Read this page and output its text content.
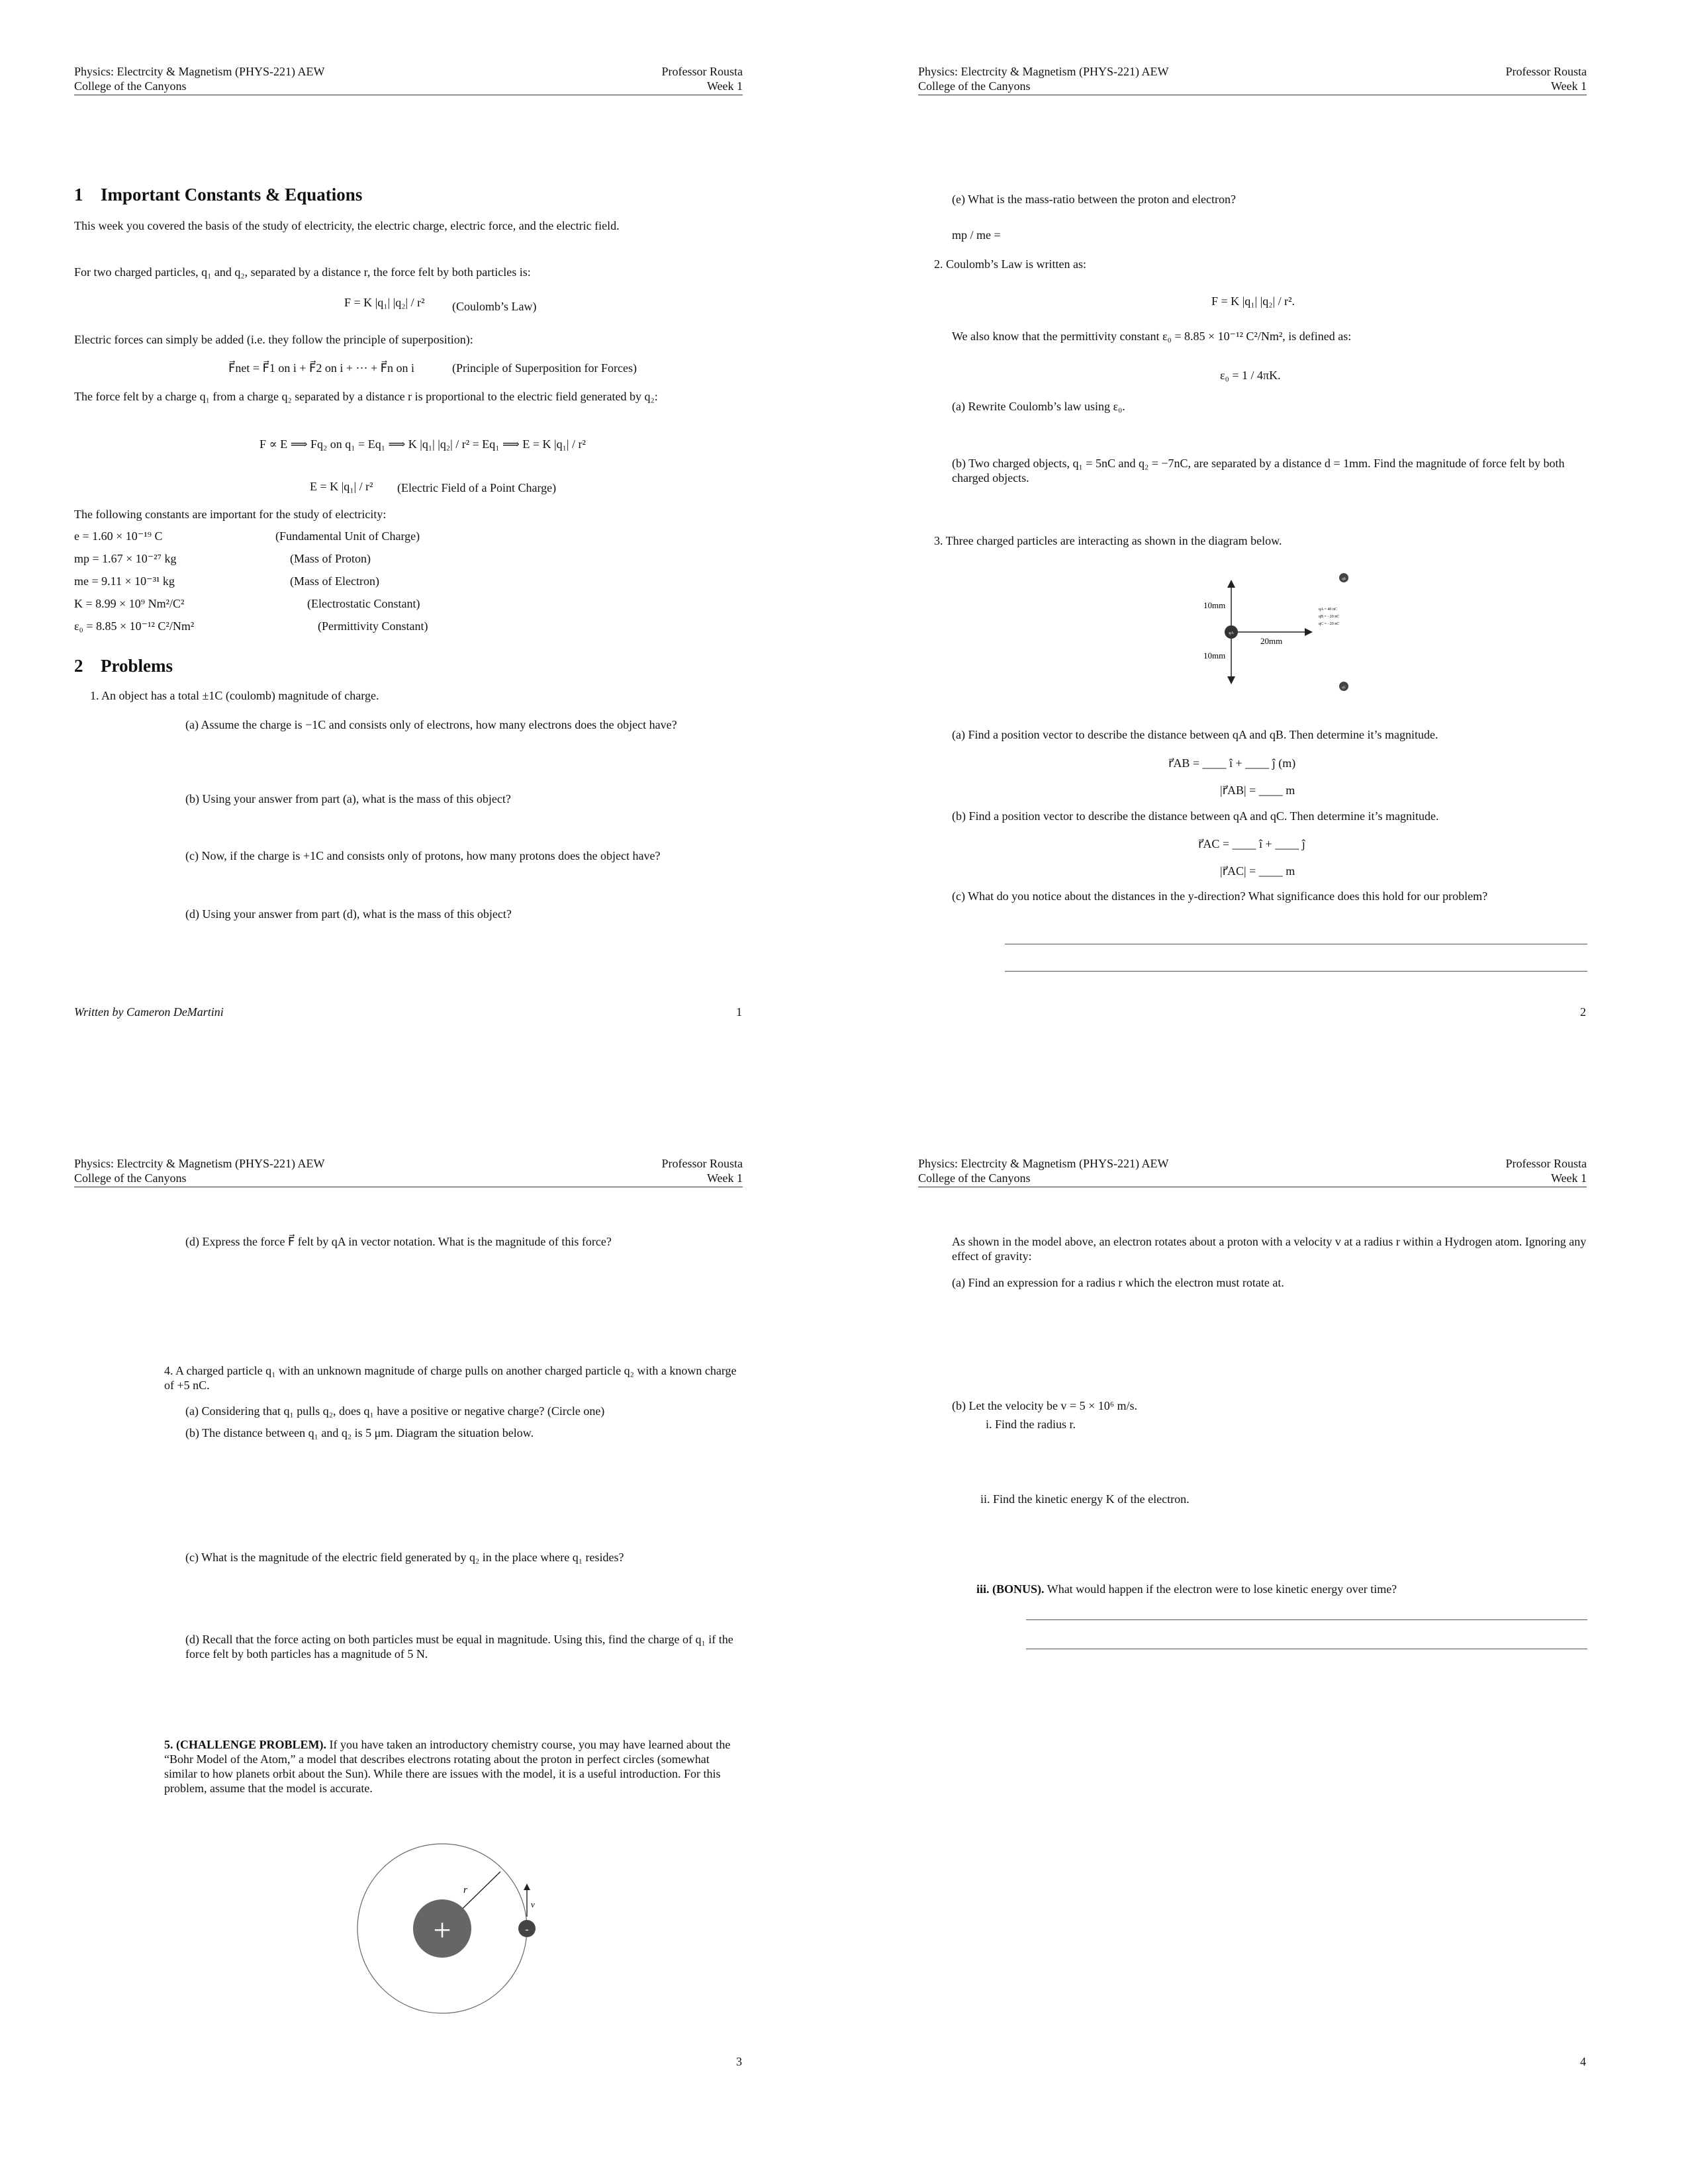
Physics: Electrcity & Magnetism (PHYS-221) AEW
College of the Canyons
Professor Rousta
Week 1
1 Important Constants & Equations
This week you covered the basis of the study of electricity, the electric charge, electric force, and the electric field.
For two charged particles, q₁ and q₂, separated by a distance r, the force felt by both particles is:
F = K |q₁| |q₂| / r² (Coulomb’s Law)
Electric forces can simply be added (i.e. they follow the principle of superposition):
F⃗net = F⃗1 on i + F⃗2 on i + ··· + F⃗n on i	(Principle of Superposition for Forces)
The force felt by a charge q₁ from a charge q₂ separated by a distance r is proportional to the electric field generated by q₂:
F ∝ E ⟹ Fq₂ on q₁ = Eq₁ ⟹ K |q₁| |q₂| / r² = Eq₁ ⟹ E = K |q₁| / r²
E = K |q₁| / r² (Electric Field of a Point Charge)
The following constants are important for the study of electricity:
e = 1.60 × 10⁻¹⁹ C	(Fundamental Unit of Charge)
mp = 1.67 × 10⁻²⁷ kg	(Mass of Proton)
me = 9.11 × 10⁻³¹ kg	(Mass of Electron)
K = 8.99 × 10⁹ Nm²/C²	(Electrostatic Constant)
ε₀ = 8.85 × 10⁻¹² C²/Nm²	(Permittivity Constant)
2 Problems
1. An object has a total ±1C (coulomb) magnitude of charge.
(a) Assume the charge is −1C and consists only of electrons, how many electrons does the object have?
(b) Using your answer from part (a), what is the mass of this object?
(c) Now, if the charge is +1C and consists only of protons, how many protons does the object have?
(d) Using your answer from part (d), what is the mass of this object?
Written by Cameron DeMartini	1
Physics: Electrcity & Magnetism (PHYS-221) AEW
College of the Canyons
Professor Rousta
Week 1
(e) What is the mass-ratio between the proton and electron?
mp / me =
2. Coulomb’s Law is written as:
F = K |q₁| |q₂| / r².
We also know that the permittivity constant ε₀ = 8.85 × 10⁻¹² C²/Nm², is defined as:
ε₀ = 1 / 4πK.
(a) Rewrite Coulomb’s law using ε₀.
(b) Two charged objects, q₁ = 5nC and q₂ = −7nC, are separated by a distance d = 1mm. Find the magnitude of force felt by both charged objects.
3. Three charged particles are interacting as shown in the diagram below.
qA
qB
qC
10mm
10mm
20mm
qA = 40 nC
qB = −20 nC
qC = −20 nC
(a) Find a position vector to describe the distance between qA and qB. Then determine it’s magnitude.
r⃗AB = ____ î + ____ ĵ (m)
|r⃗AB| = ____ m
(b) Find a position vector to describe the distance between qA and qC. Then determine it’s magnitude.
r⃗AC = ____ î + ____ ĵ
|r⃗AC| = ____ m
(c) What do you notice about the distances in the y-direction? What significance does this hold for our problem?
2
Physics: Electrcity & Magnetism (PHYS-221) AEW
College of the Canyons
Professor Rousta
Week 1
(d) Express the force F⃗ felt by qA in vector notation. What is the magnitude of this force?
4. A charged particle q₁ with an unknown magnitude of charge pulls on another charged particle q₂ with a known charge of +5 nC.
(a) Considering that q₁ pulls q₂, does q₁ have a positive or negative charge? (Circle one)
(b) The distance between q₁ and q₂ is 5 μm. Diagram the situation below.
(c) What is the magnitude of the electric field generated by q₂ in the place where q₁ resides?
(d) Recall that the force acting on both particles must be equal in magnitude. Using this, find the charge of q₁ if the force felt by both particles has a magnitude of 5 N.
5. (CHALLENGE PROBLEM). If you have taken an introductory chemistry course, you may have learned about the “Bohr Model of the Atom,” a model that describes electrons rotating about the proton in perfect circles (somewhat similar to how planets orbit about the Sun). While there are issues with the model, it is a useful introduction. For this problem, assume that the model is accurate.
+	-
r
v
3
Physics: Electrcity & Magnetism (PHYS-221) AEW
College of the Canyons
Professor Rousta
Week 1
As shown in the model above, an electron rotates about a proton with a velocity v at a radius r within a Hydrogen atom. Ignoring any effect of gravity:
(a) Find an expression for a radius r which the electron must rotate at.
(b) Let the velocity be v = 5 × 10⁶ m/s.
i. Find the radius r.
ii. Find the kinetic energy K of the electron.
iii. (BONUS). What would happen if the electron were to lose kinetic energy over time?
4
